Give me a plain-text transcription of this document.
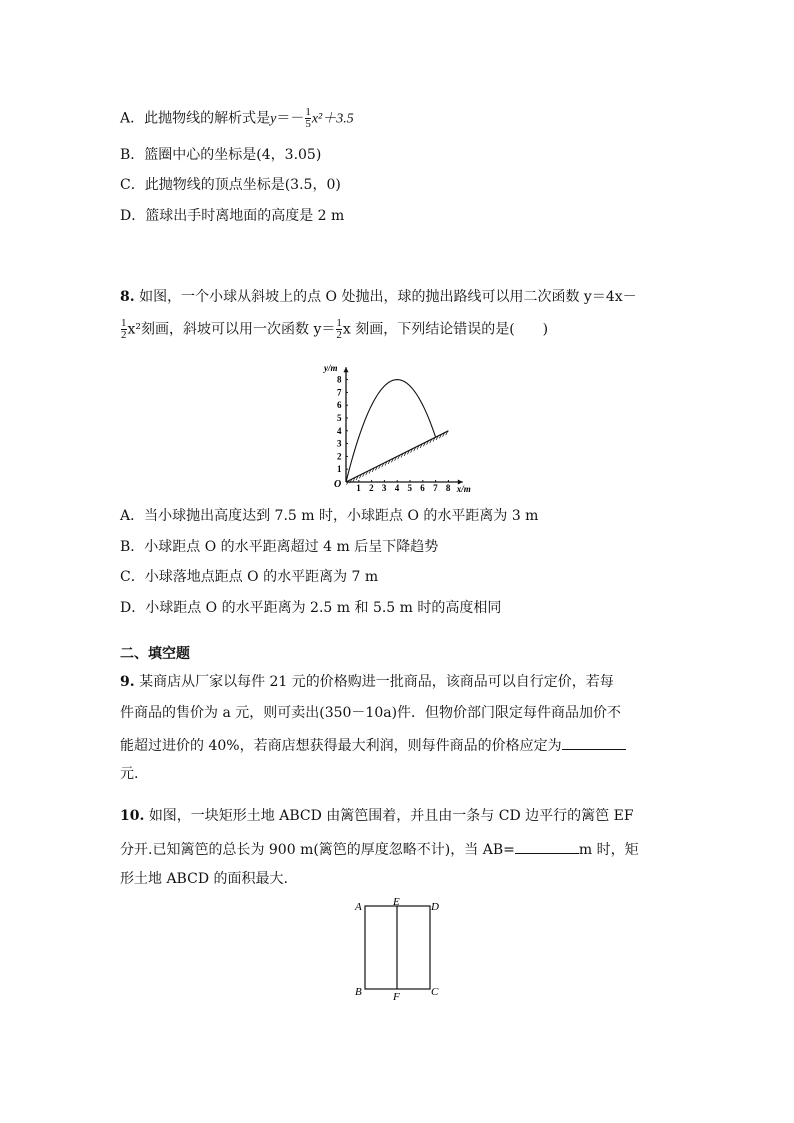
A．此抛物线的解析式是$y=- \frac{1}{5} x^2+3.5$
B．篮圈中心的坐标是(4，3.05)
C．此抛物线的顶点坐标是(3.5，0)
D．篮球出手时离地面的高度是 2 m
8. 如图，一个小球从斜坡上的点 O 处抛出，球的抛出路线可以用二次函数 y＝4x－
$\frac{1}{2} x^2$刻画，斜坡可以用一次函数 $y= \frac{1}{2}$ x 刻画，下列结论错误的是(　　)
1 2 3 4 5 6 7 8
1
2
3
4
5
6
7
8
O	x/m
y/m
A．当小球抛出高度达到 7.5 m 时，小球距点 O 的水平距离为 3 m
B．小球距点 O 的水平距离超过 4 m 后呈下降趋势
C．小球落地点距点 O 的水平距离为 7 m
D．小球距点 O 的水平距离为 2.5 m 和 5.5 m 时的高度相同
二、填空题
9. 某商店从厂家以每件 21 元的价格购进一批商品，该商品可以自行定价，若每
件商品的售价为 a 元，则可卖出(350－10a)件．但物价部门限定每件商品加价不
能超过进价的 40%，若商店想获得最大利润，则每件商品的价格应定为
元.
10. 如图，一块矩形土地 ABCD 由篱笆围着，并且由一条与 CD 边平行的篱笆 EF
分开.已知篱笆的总长为 900 m(篱笆的厚度忽略不计)，当 AB=	m 时，矩
形土地 ABCD 的面积最大.
A	E	D
B	F	C
